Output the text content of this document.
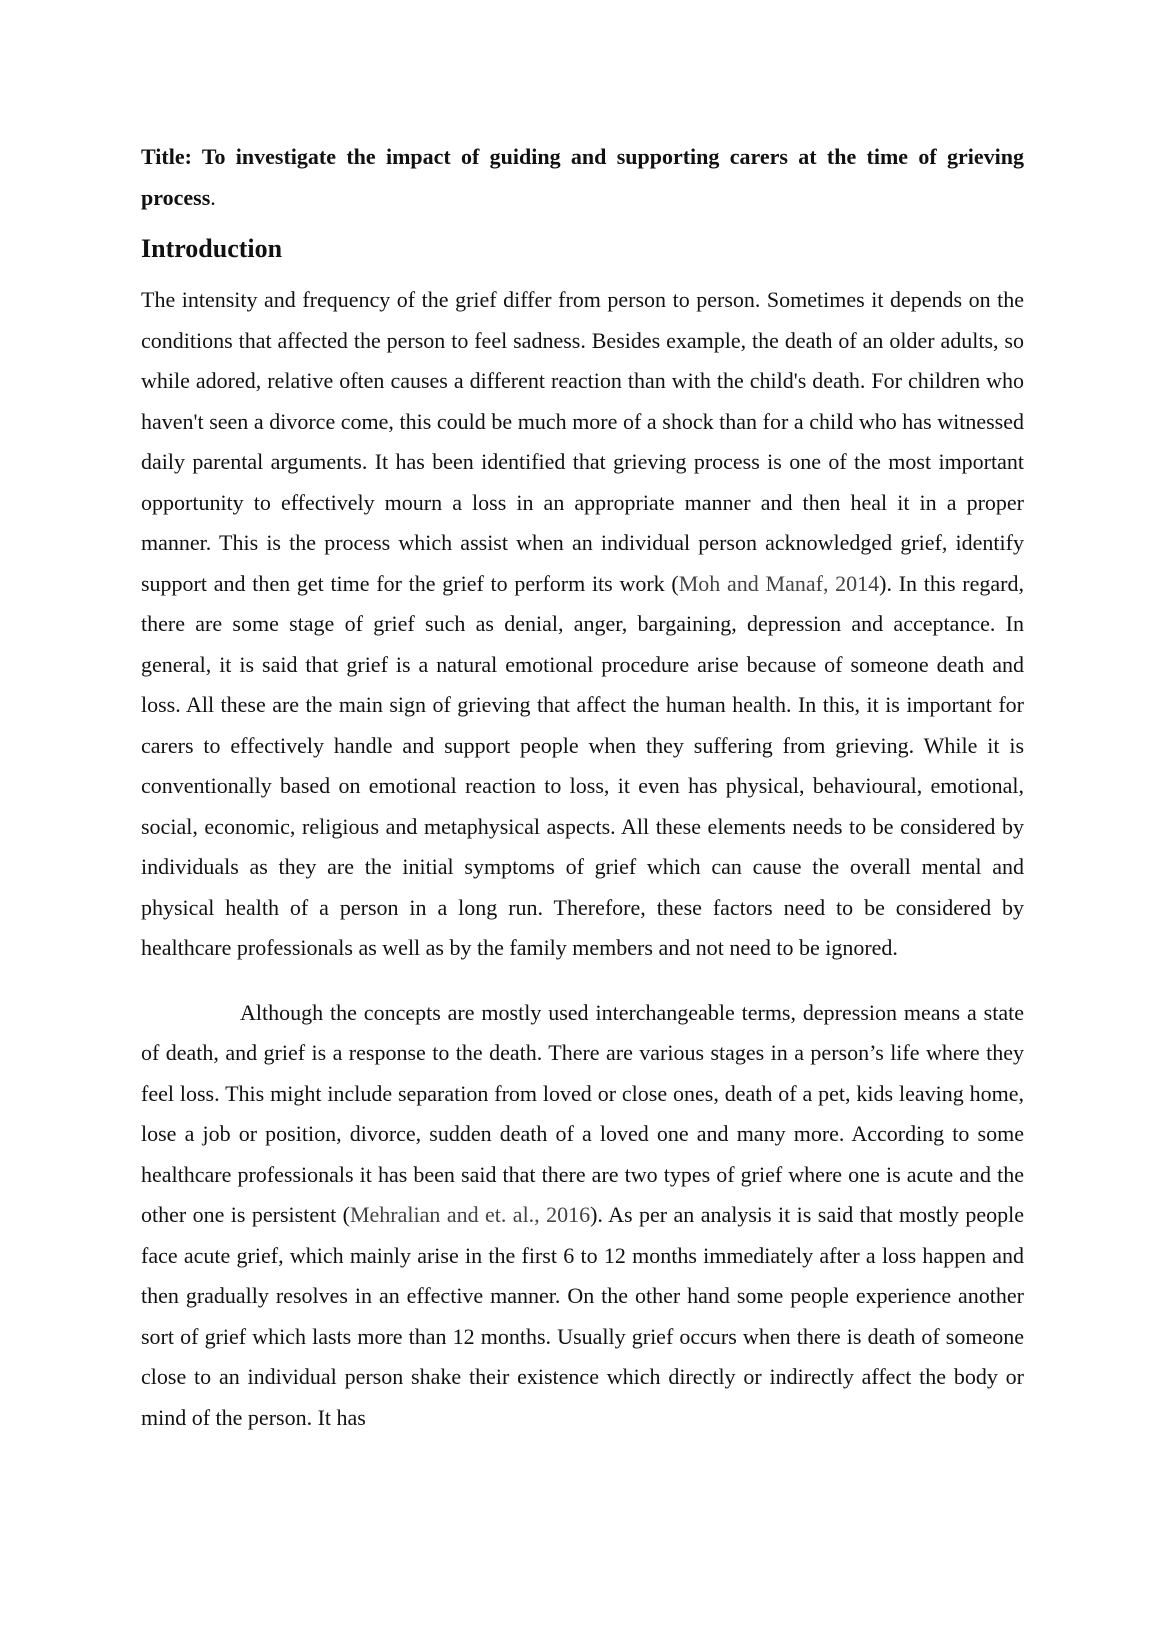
Title: To investigate the impact of guiding and supporting carers at the time of grieving process.

Introduction

The intensity and frequency of the grief differ from person to person. Sometimes it depends on the conditions that affected the person to feel sadness. Besides example, the death of an older adults, so while adored, relative often causes a different reaction than with the child's death. For children who haven't seen a divorce come, this could be much more of a shock than for a child who has witnessed daily parental arguments. It has been identified that grieving process is one of the most important opportunity to effectively mourn a loss in an appropriate manner and then heal it in a proper manner. This is the process which assist when an individual person acknowledged grief, identify support and then get time for the grief to perform its work (Moh and Manaf, 2014). In this regard, there are some stage of grief such as denial, anger, bargaining, depression and acceptance. In general, it is said that grief is a natural emotional procedure arise because of someone death and loss. All these are the main sign of grieving that affect the human health. In this, it is important for carers to effectively handle and support people when they suffering from grieving. While it is conventionally based on emotional reaction to loss, it even has physical, behavioural, emotional, social, economic, religious and metaphysical aspects. All these elements needs to be considered by individuals as they are the initial symptoms of grief which can cause the overall mental and physical health of a person in a long run. Therefore, these factors need to be considered by healthcare professionals as well as by the family members and not need to be ignored.

Although the concepts are mostly used interchangeable terms, depression means a state of death, and grief is a response to the death. There are various stages in a person’s life where they feel loss. This might include separation from loved or close ones, death of a pet, kids leaving home, lose a job or position, divorce, sudden death of a loved one and many more. According to some healthcare professionals it has been said that there are two types of grief where one is acute and the other one is persistent (Mehralian and et. al., 2016). As per an analysis it is said that mostly people face acute grief, which mainly arise in the first 6 to 12 months immediately after a loss happen and then gradually resolves in an effective manner. On the other hand some people experience another sort of grief which lasts more than 12 months. Usually grief occurs when there is death of someone close to an individual person shake their existence which directly or indirectly affect the body or mind of the person. It has
